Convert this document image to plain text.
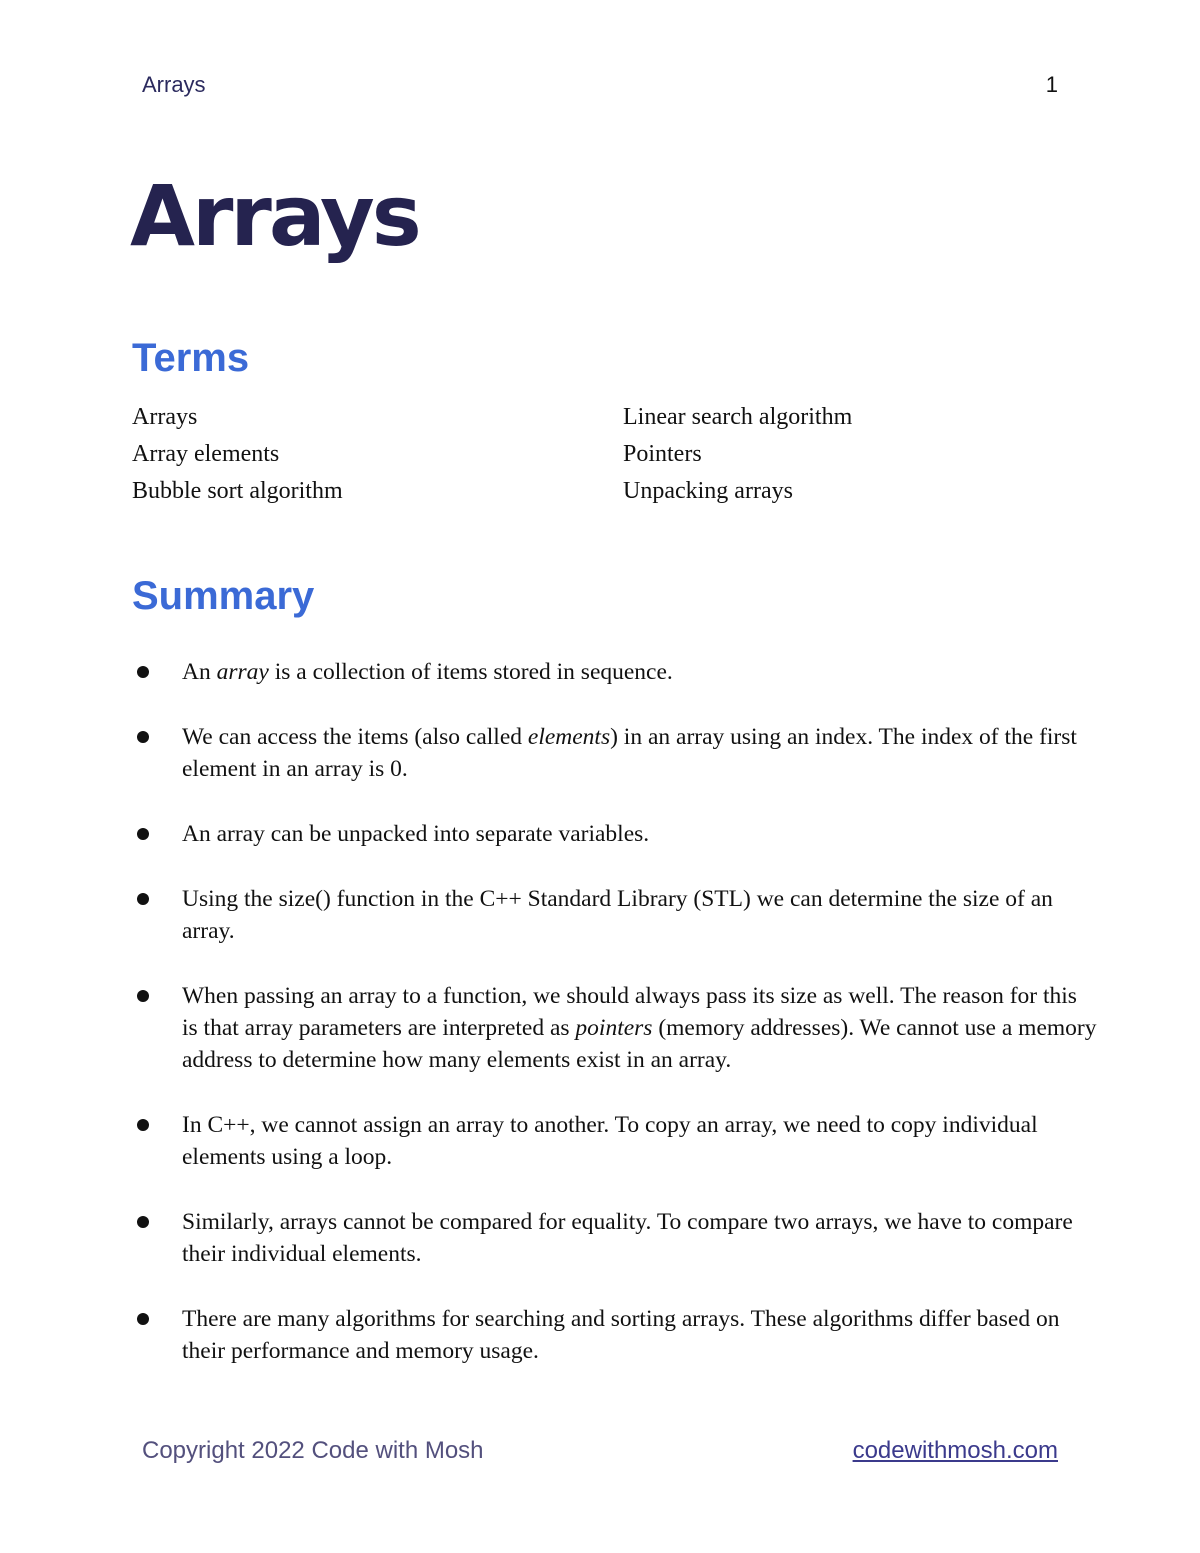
Arrays	1
Arrays
Terms
Arrays	Linear search algorithm
Array elements	Pointers
Bubble sort algorithm	Unpacking arrays
Summary
An array is a collection of items stored in sequence.
We can access the items (also called elements) in an array using an index. The index of the first element in an array is 0.
An array can be unpacked into separate variables.
Using the size() function in the C++ Standard Library (STL) we can determine the size of an array.
When passing an array to a function, we should always pass its size as well. The reason for this is that array parameters are interpreted as pointers (memory addresses). We cannot use a memory address to determine how many elements exist in an array.
In C++, we cannot assign an array to another. To copy an array, we need to copy individual elements using a loop.
Similarly, arrays cannot be compared for equality. To compare two arrays, we have to compare their individual elements.
There are many algorithms for searching and sorting arrays. These algorithms differ based on their performance and memory usage.
Copyright 2022 Code with Mosh	codewithmosh.com
